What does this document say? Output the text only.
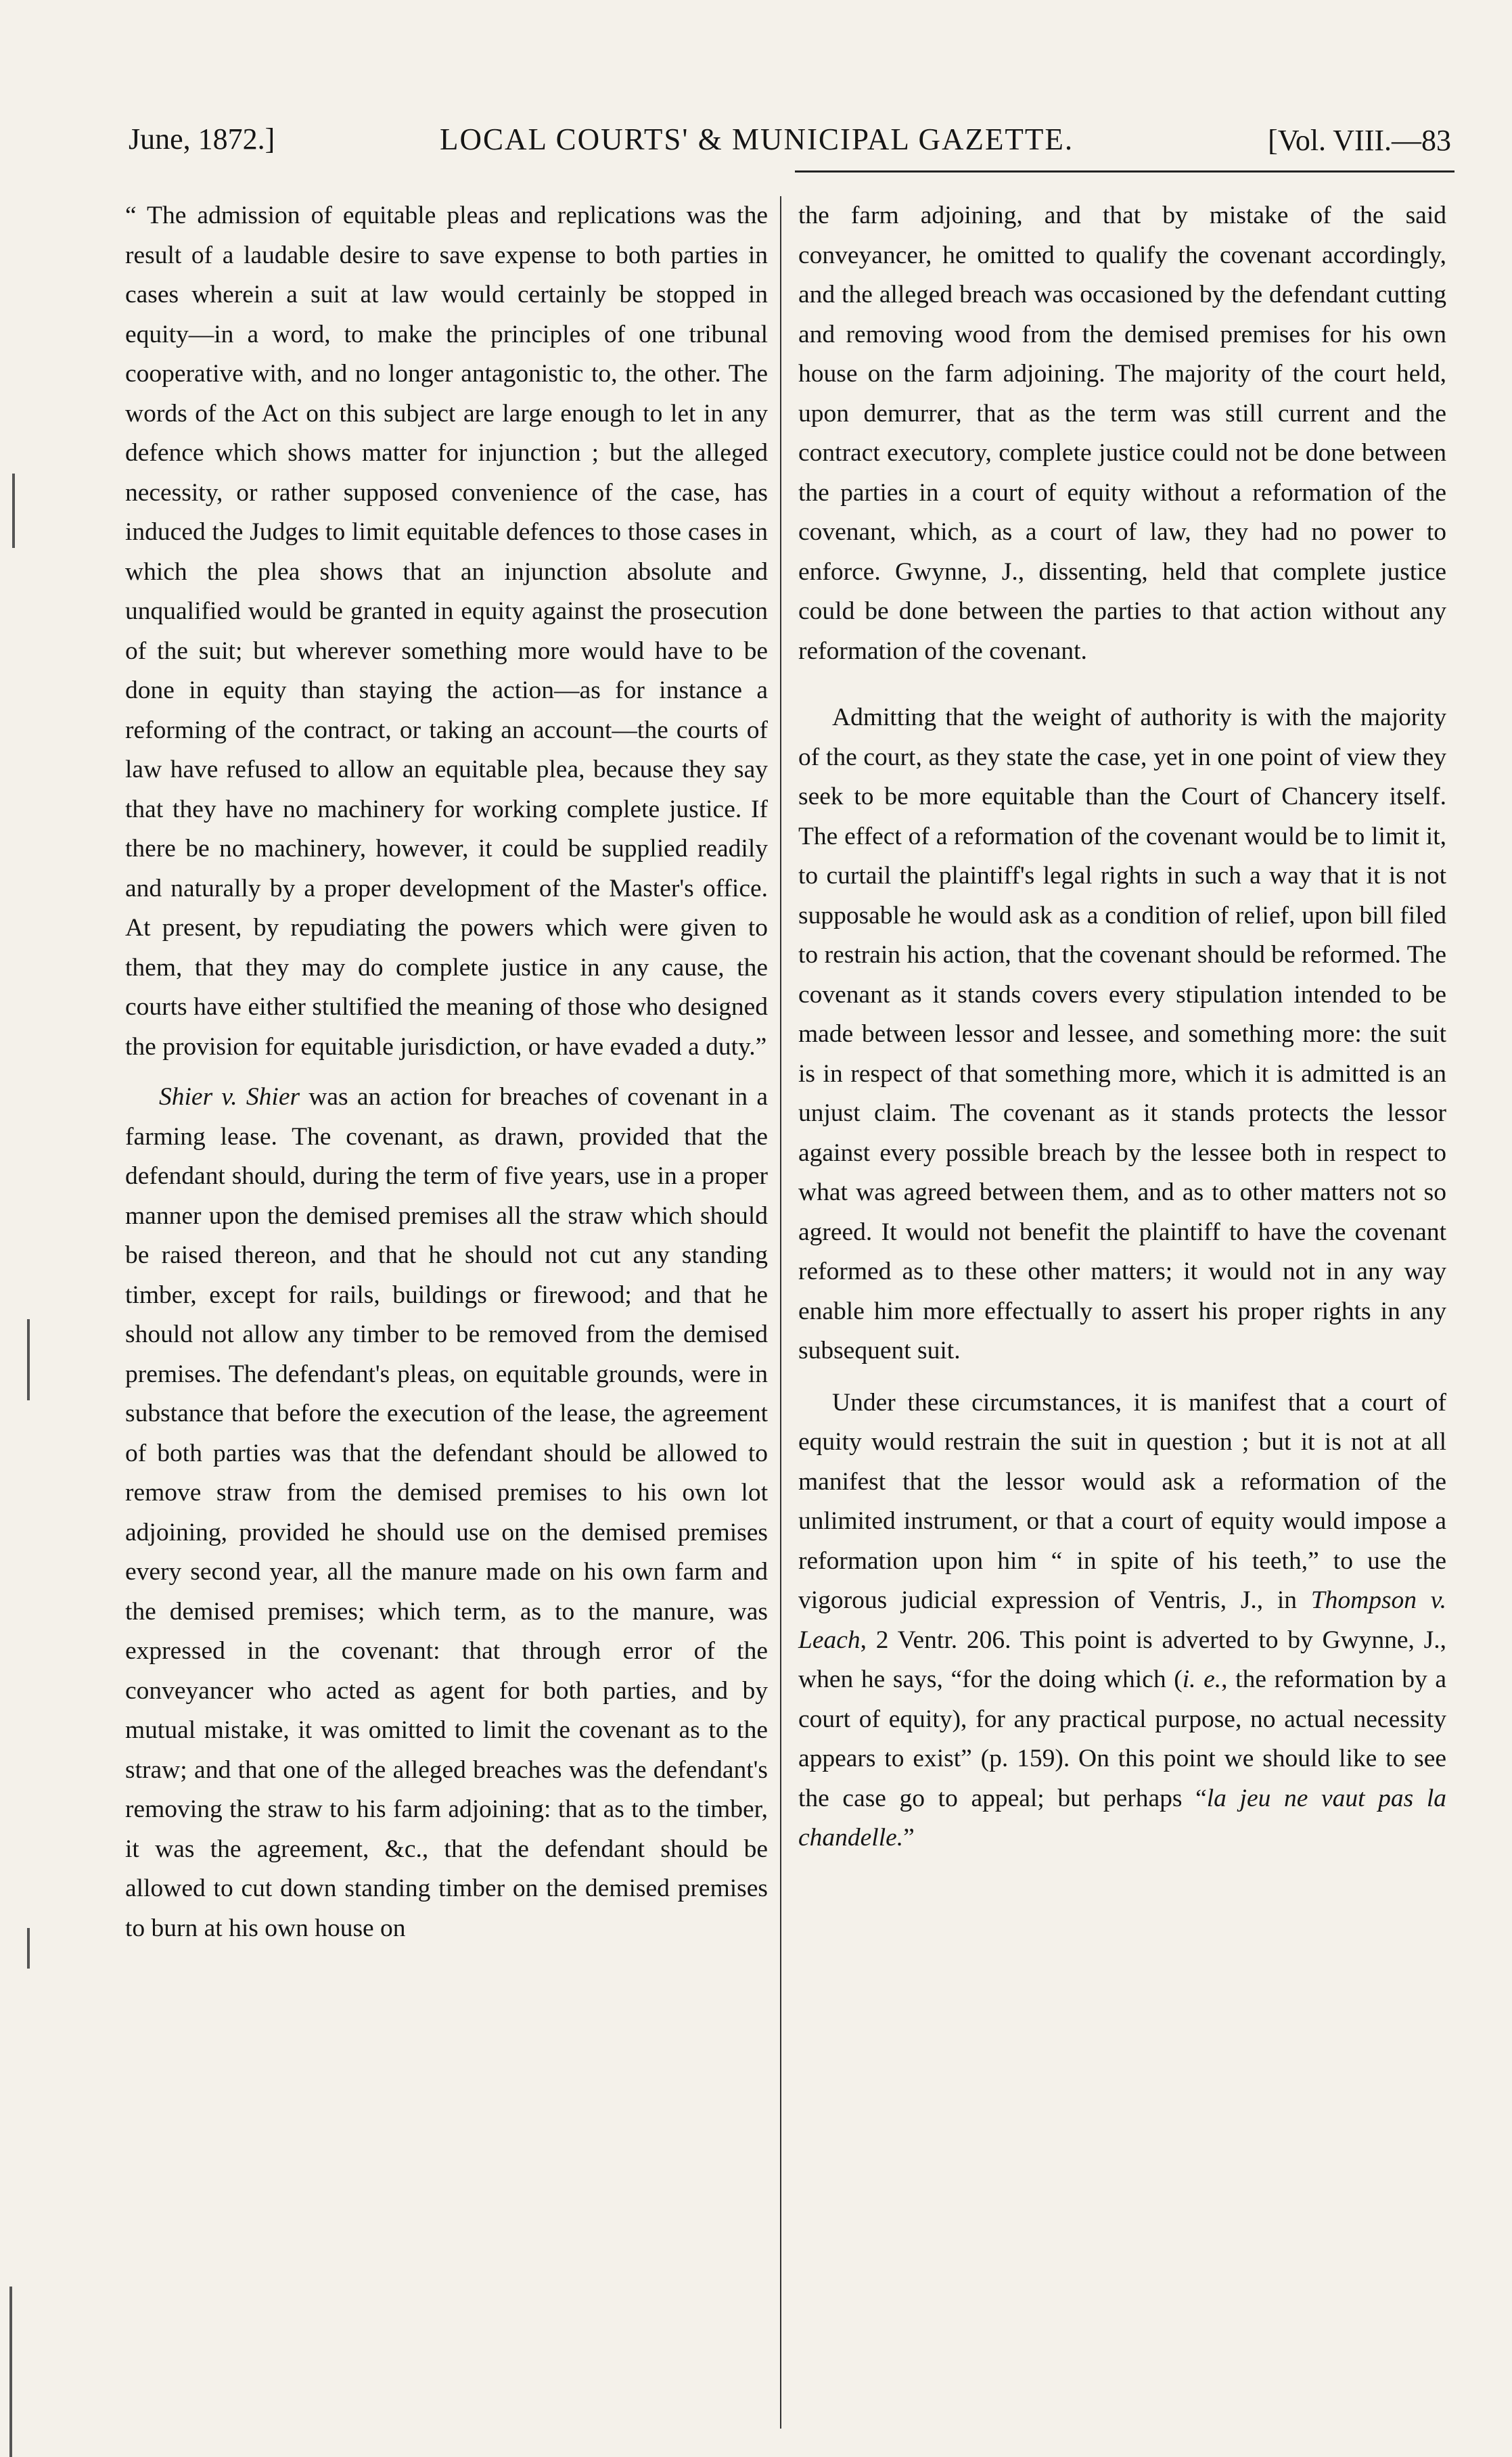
June, 1872.]	LOCAL COURTS' & MUNICIPAL GAZETTE.	[Vol. VIII.—83

“ The admission of equitable pleas and replications was the result of a laudable desire to save expense to both parties in cases wherein a suit at law would certainly be stopped in equity—in a word, to make the principles of one tribunal cooperative with, and no longer antagonistic to, the other. The words of the Act on this subject are large enough to let in any defence which shows matter for injunction ; but the alleged necessity, or rather supposed convenience of the case, has induced the Judges to limit equitable defences to those cases in which the plea shows that an injunction absolute and unqualified would be granted in equity against the prosecution of the suit; but wherever something more would have to be done in equity than staying the action—as for instance a reforming of the contract, or taking an account—the courts of law have refused to allow an equitable plea, because they say that they have no machinery for working complete justice. If there be no machinery, however, it could be supplied readily and naturally by a proper development of the Master's office. At present, by repudiating the powers which were given to them, that they may do complete justice in any cause, the courts have either stultified the meaning of those who designed the provision for equitable jurisdiction, or have evaded a duty.”

Shier v. Shier was an action for breaches of covenant in a farming lease. The covenant, as drawn, provided that the defendant should, during the term of five years, use in a proper manner upon the demised premises all the straw which should be raised thereon, and that he should not cut any standing timber, except for rails, buildings or firewood; and that he should not allow any timber to be removed from the demised premises. The defendant's pleas, on equitable grounds, were in substance that before the execution of the lease, the agreement of both parties was that the defendant should be allowed to remove straw from the demised premises to his own lot adjoining, provided he should use on the demised premises every second year, all the manure made on his own farm and the demised premises; which term, as to the manure, was expressed in the covenant: that through error of the conveyancer who acted as agent for both parties, and by mutual mistake, it was omitted to limit the covenant as to the straw; and that one of the alleged breaches was the defendant's removing the straw to his farm adjoining: that as to the timber, it was the agreement, &c., that the defendant should be allowed to cut down standing timber on the demised premises to burn at his own house on

the farm adjoining, and that by mistake of the said conveyancer, he omitted to qualify the covenant accordingly, and the alleged breach was occasioned by the defendant cutting and removing wood from the demised premises for his own house on the farm adjoining. The majority of the court held, upon demurrer, that as the term was still current and the contract executory, complete justice could not be done between the parties in a court of equity without a reformation of the covenant, which, as a court of law, they had no power to enforce. Gwynne, J., dissenting, held that complete justice could be done between the parties to that action without any reformation of the covenant.

Admitting that the weight of authority is with the majority of the court, as they state the case, yet in one point of view they seek to be more equitable than the Court of Chancery itself. The effect of a reformation of the covenant would be to limit it, to curtail the plaintiff's legal rights in such a way that it is not supposable he would ask as a condition of relief, upon bill filed to restrain his action, that the covenant should be reformed. The covenant as it stands covers every stipulation intended to be made between lessor and lessee, and something more: the suit is in respect of that something more, which it is admitted is an unjust claim. The covenant as it stands protects the lessor against every possible breach by the lessee both in respect to what was agreed between them, and as to other matters not so agreed. It would not benefit the plaintiff to have the covenant reformed as to these other matters; it would not in any way enable him more effectually to assert his proper rights in any subsequent suit.

Under these circumstances, it is manifest that a court of equity would restrain the suit in question ; but it is not at all manifest that the lessor would ask a reformation of the unlimited instrument, or that a court of equity would impose a reformation upon him “ in spite of his teeth,” to use the vigorous judicial expression of Ventris, J., in Thompson v. Leach, 2 Ventr. 206. This point is adverted to by Gwynne, J., when he says, “for the doing which (i. e., the reformation by a court of equity), for any practical purpose, no actual necessity appears to exist” (p. 159). On this point we should like to see the case go to appeal; but perhaps “la jeu ne vaut pas la chandelle.”
